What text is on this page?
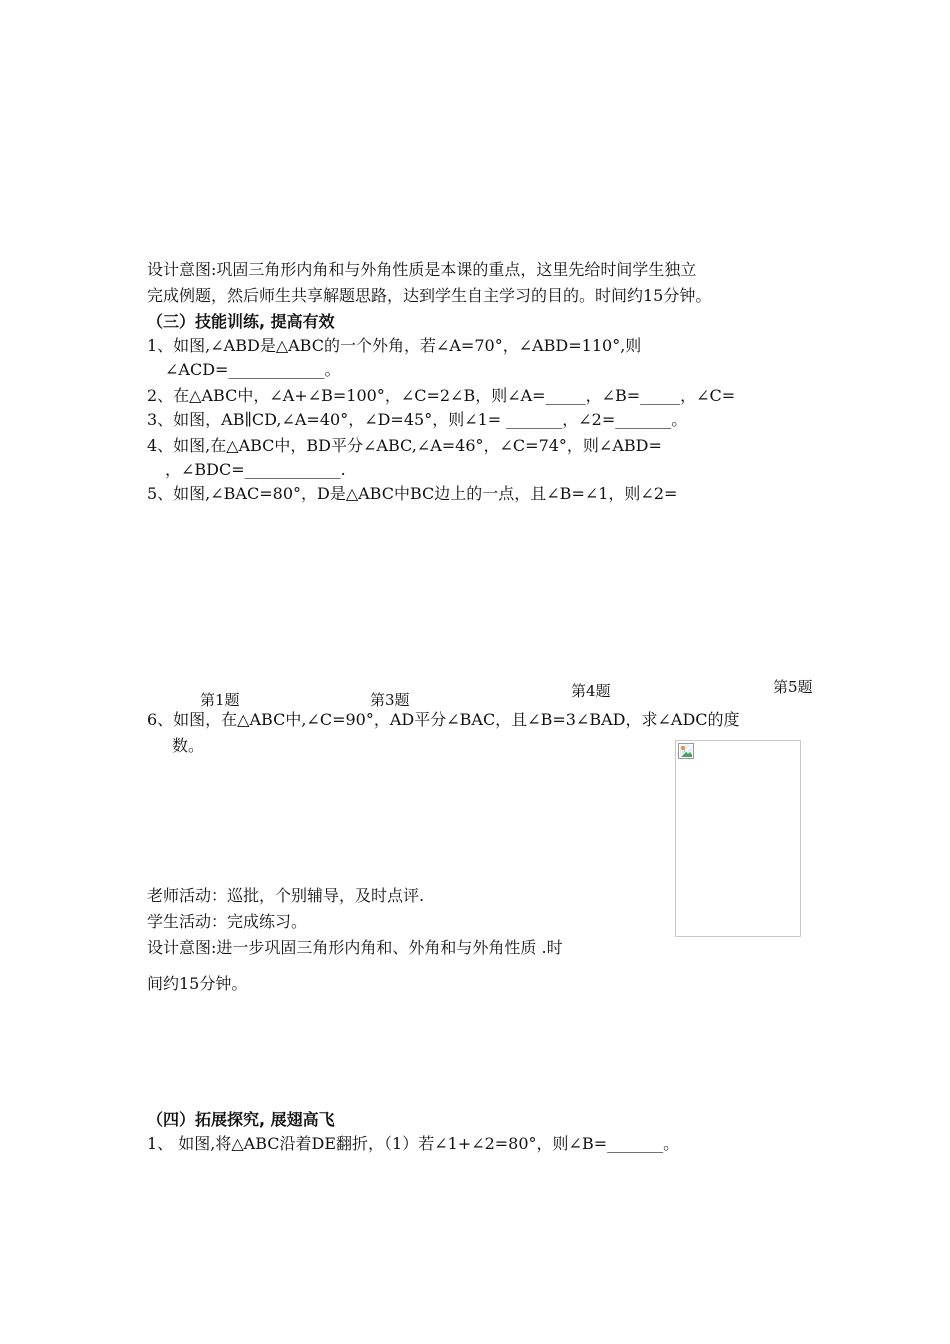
设计意图:巩固三角形内角和与外角性质是本课的重点，这里先给时间学生独立
完成例题，然后师生共享解题思路，达到学生自主学习的目的。时间约15分钟。
（三）技能训练, 提高有效
1、如图,∠ABD是△ABC的一个外角，若∠A=70°，∠ABD=110°,则
∠ACD=____________。
2、在△ABC中，∠A+∠B=100°，∠C=2∠B，则∠A=_____，∠B=_____，∠C=
3、如图，AB∥CD,∠A=40°，∠D=45°，则∠1= _______，∠2=_______。
4、如图,在△ABC中，BD平分∠ABC,∠A=46°，∠C=74°，则∠ABD=
，∠BDC=____________.
5、如图,∠BAC=80°，D是△ABC中BC边上的一点，且∠B=∠1，则∠2=
第1题	第3题	第4题	第5题
6、如图，在△ABC中,∠C=90°，AD平分∠BAC，且∠B=3∠BAD，求∠ADC的度
数。
老师活动：巡批，个别辅导，及时点评.
学生活动：完成练习。
设计意图:进一步巩固三角形内角和、外角和与外角性质 .时
间约15分钟。
（四）拓展探究, 展翅高飞
1、 如图,将△ABC沿着DE翻折，（1）若∠1+∠2=80°，则∠B=_______。
